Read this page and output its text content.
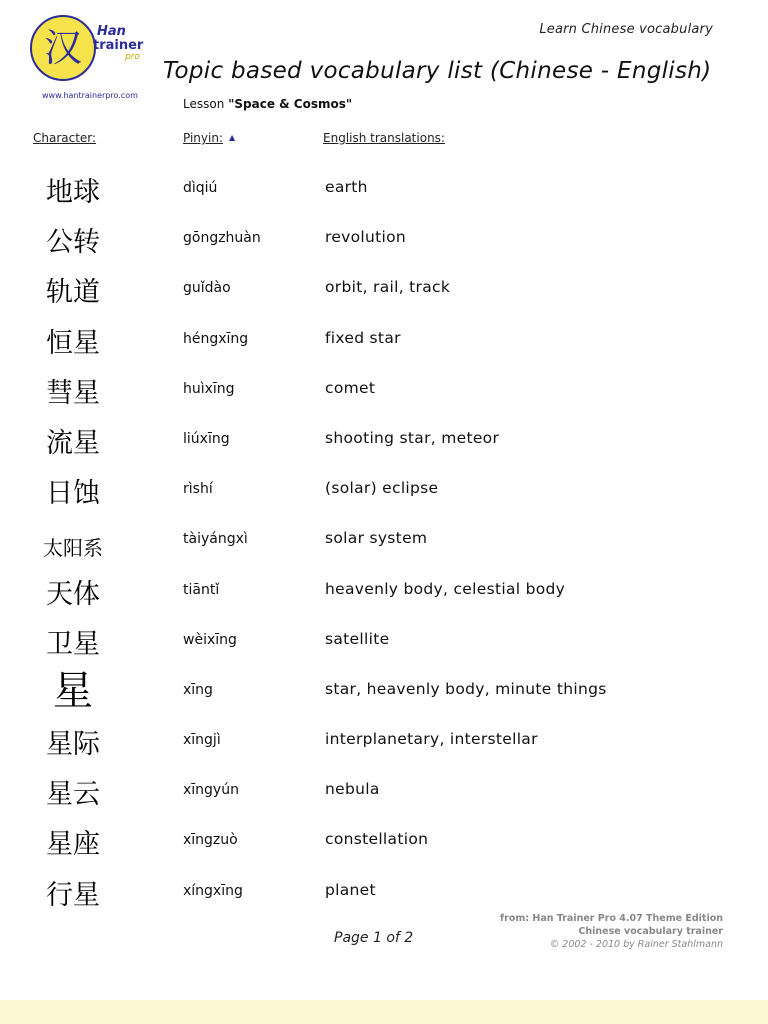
汉	Han
trainer
pro
www.hantrainerpro.com
Learn Chinese vocabulary
Topic based vocabulary list (Chinese - English)
Lesson "Space & Cosmos"
Character:	Pinyin: ▲	English translations:
地球	dìqiú	earth
公转	gōngzhuàn	revolution
轨道	guǐdào	orbit, rail, track
恒星	héngxīng	fixed star
彗星	huìxīng	comet
流星	liúxīng	shooting star, meteor
日蚀	rìshí	(solar) eclipse
太阳系	tàiyángxì	solar system
天体	tiāntǐ	heavenly body, celestial body
卫星	wèixīng	satellite
星	xīng	star, heavenly body, minute things
星际	xīngjì	interplanetary, interstellar
星云	xīngyún	nebula
星座	xīngzuò	constellation
行星	xíngxīng	planet
from: Han Trainer Pro 4.07 Theme Edition
Chinese vocabulary trainer
© 2002 - 2010 by Rainer Stahlmann
Page 1 of 2
